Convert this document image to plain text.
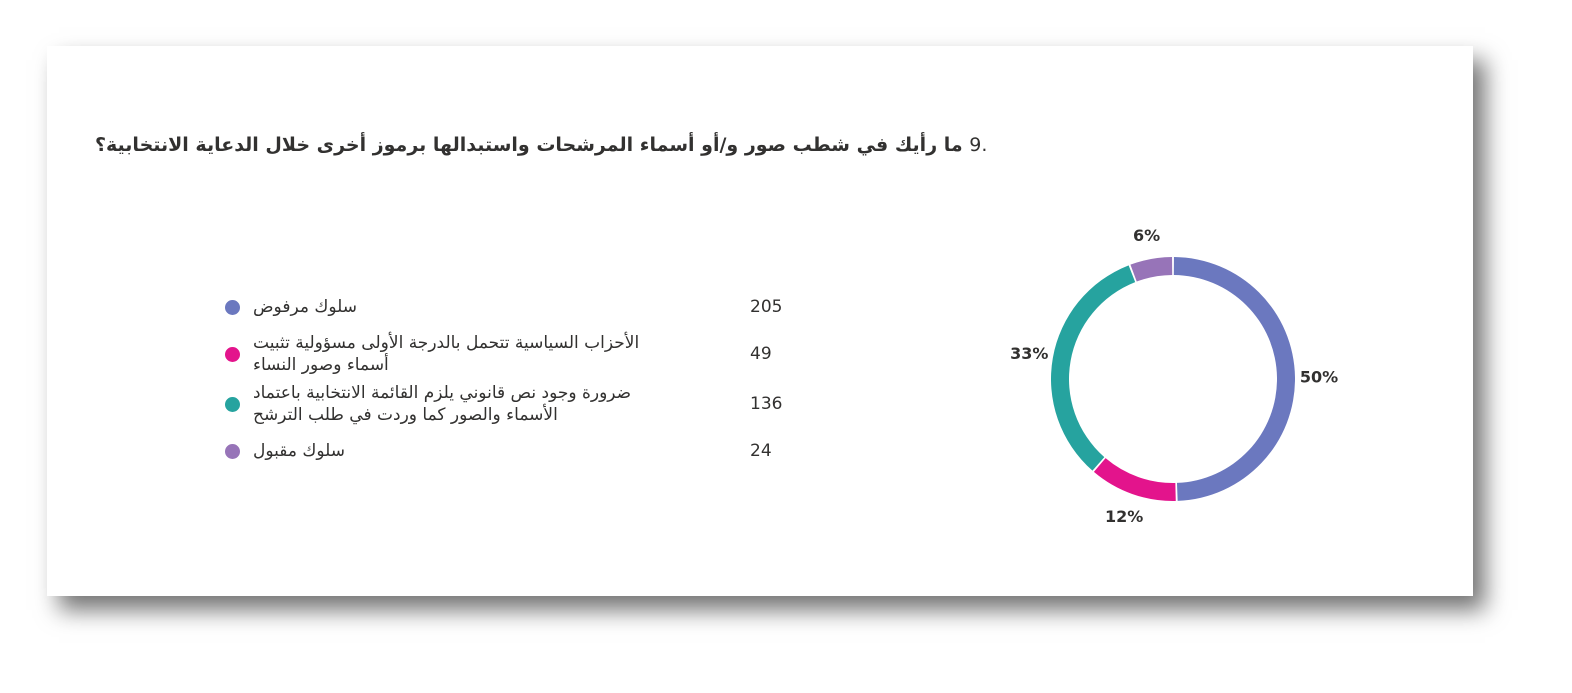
ما رأيك في شطب صور و/أو أسماء المرشحات واستبدالها برموز أخرى خلال الدعاية الانتخابية؟ 9.
سلوك مرفوض	205
الأحزاب السياسية تتحمل بالدرجة الأولى مسؤولية تثبيت
أسماء وصور النساء
49
ضرورة وجود نص قانوني يلزم القائمة الانتخابية باعتماد
الأسماء والصور كما وردت في طلب الترشح
136
سلوك مقبول	24
50%
12%
33%
6%
